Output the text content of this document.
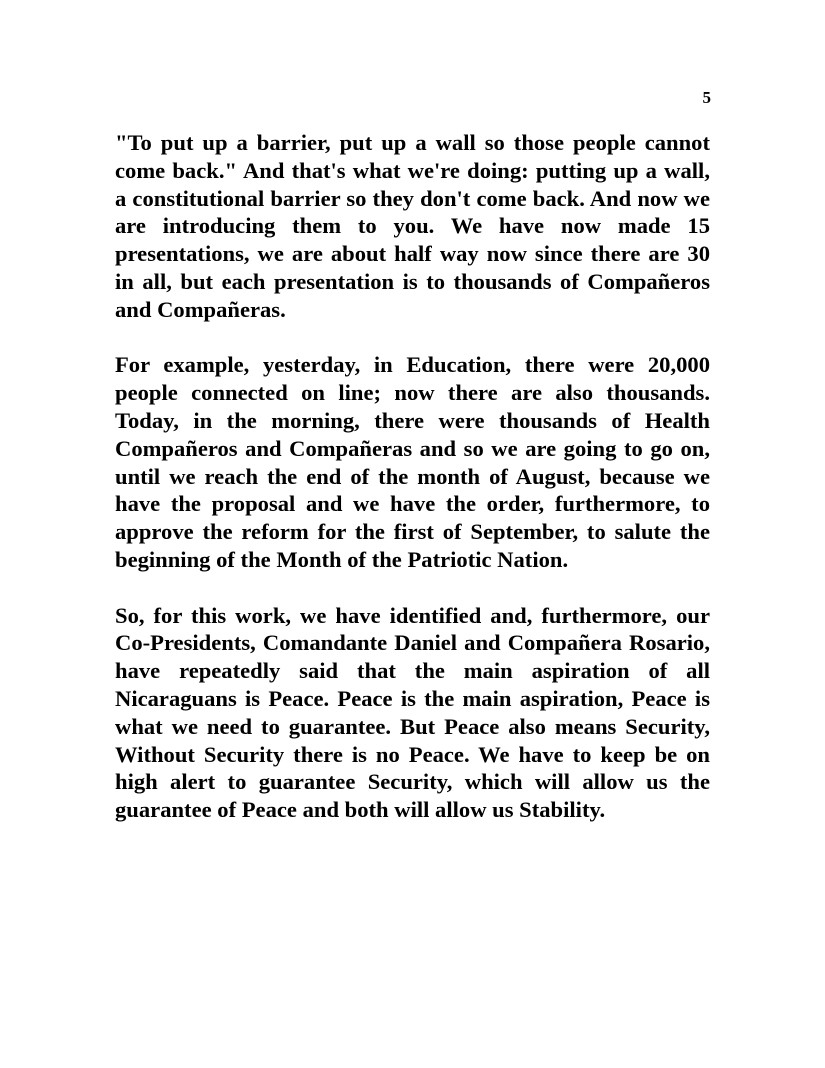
5

"To put up a barrier, put up a wall so those people cannot come back." And that's what we're doing: putting up a wall, a constitutional barrier so they don't come back. And now we are introducing them to you. We have now made 15 presentations, we are about half way now since there are 30 in all, but each presentation is to thousands of Compañeros and Compañeras.

For example, yesterday, in Education, there were 20,000 people connected on line; now there are also thousands. Today, in the morning, there were thousands of Health Compañeros and Compañeras and so we are going to go on, until we reach the end of the month of August, because we have the proposal and we have the order, furthermore, to approve the reform for the first of September, to salute the beginning of the Month of the Patriotic Nation.

So, for this work, we have identified and, furthermore, our Co-Presidents, Comandante Daniel and Compañera Rosario, have repeatedly said that the main aspiration of all Nicaraguans is Peace. Peace is the main aspiration, Peace is what we need to guarantee. But Peace also means Security, Without Security there is no Peace. We have to keep be on high alert to guarantee Security, which will allow us the guarantee of Peace and both will allow us Stability.
